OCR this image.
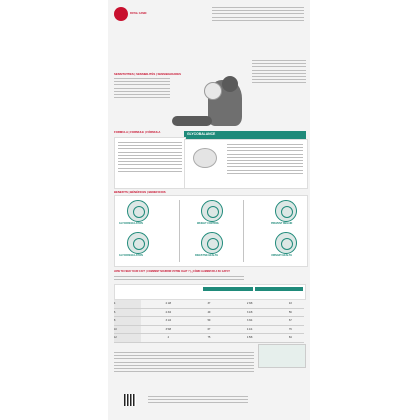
ROYAL CANIN
SENSITIVITIES | SENSIBILITÉS | SENSIBILIDADES
FORMULA | FORMULE | FÓRMULA	GLYCOBALANCE
BENEFITS | BÉNÉFICES | BENEFICIOS
GLYCOREGULATION	WEIGHT CONTROL	PREVENT REGAIN
GLYCOREGULATION	DIGESTIVE HEALTH	URINARY HEALTH
HOW TO FEED YOUR CAT? | COMMENT NOURRIR VOTRE CHAT ? | ¿CÓMO ALIMENTAR A SU GATO?
4	2 1/8	37	2 3/8	43
6	2 3/4	49	3 1/8	56
8	3 1/4	59	3 3/4	67
10	3 5/8	67	4 1/4	76
12	4	75	4 5/8	84
